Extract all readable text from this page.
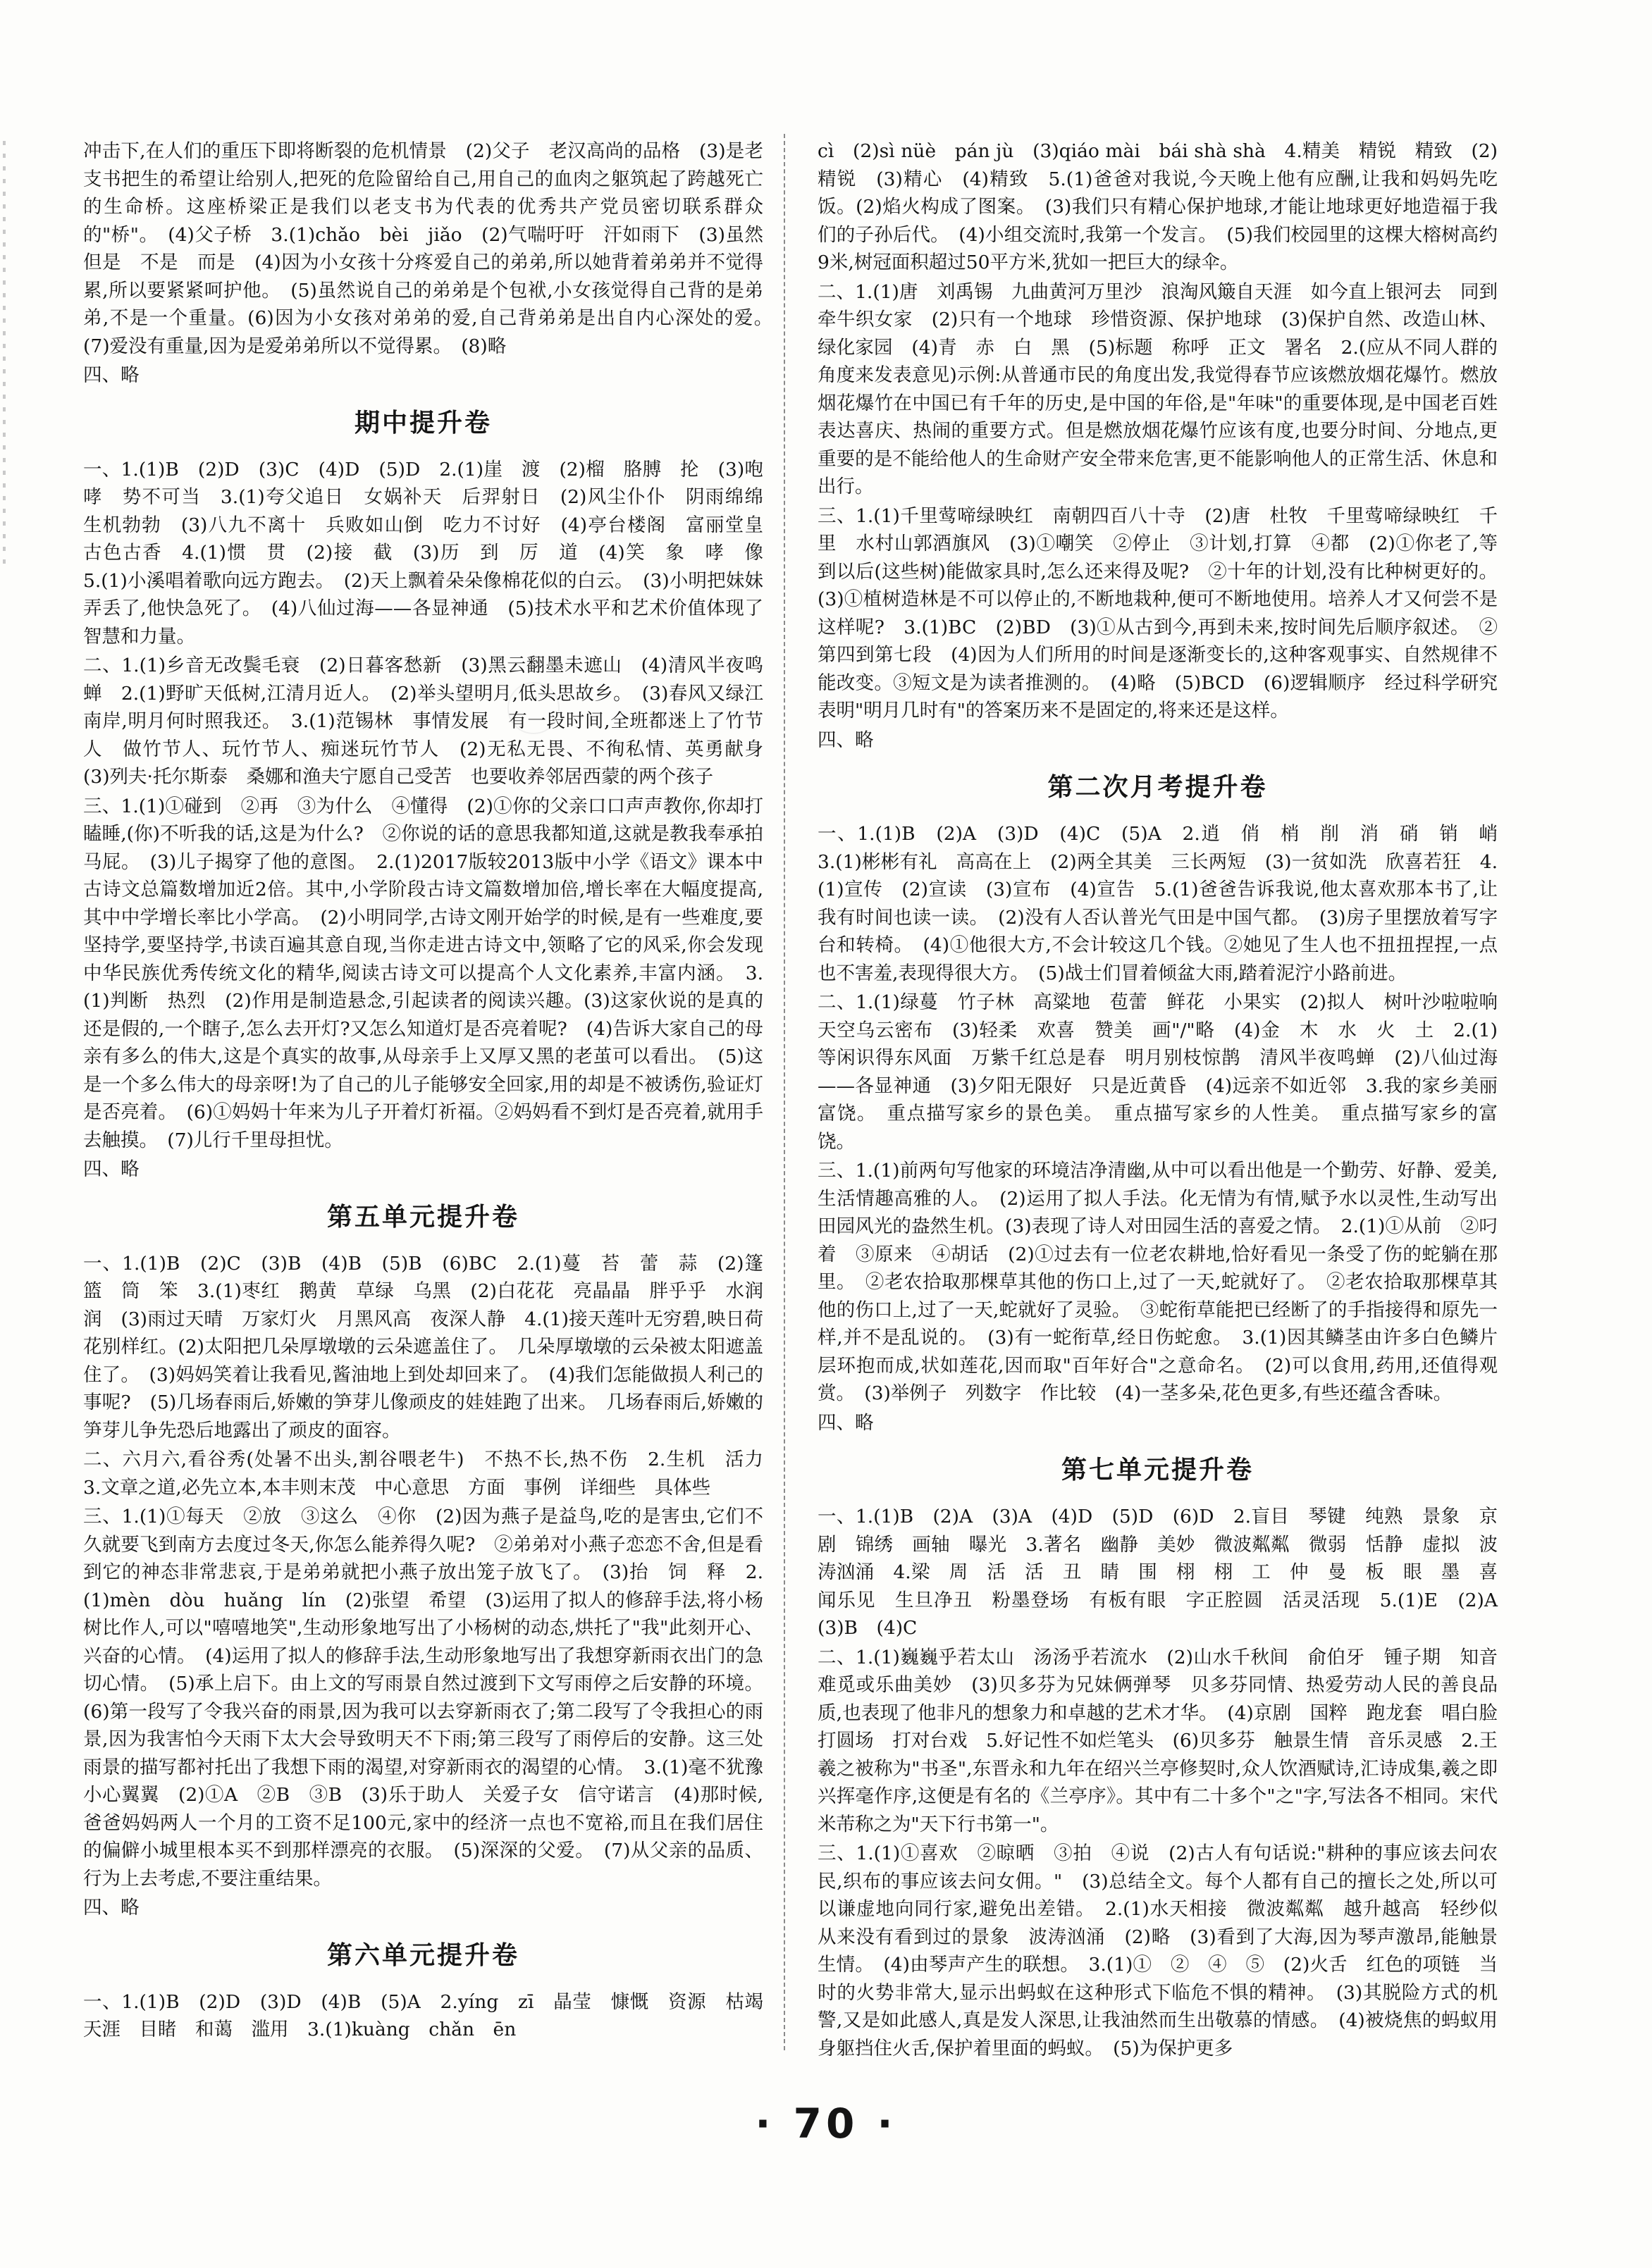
冲击下,在人们的重压下即将断裂的危机情景　(2)父子　老汉高尚的品格　(3)是老支书把生的希望让给别人,把死的危险留给自己,用自己的血肉之躯筑起了跨越死亡的生命桥。这座桥梁正是我们以老支书为代表的优秀共产党员密切联系群众的"桥"。　(4)父子桥　3.(1)chǎo　bèi　jiǎo　(2)气喘吁吁　汗如雨下　(3)虽然　但是　不是　而是　(4)因为小女孩十分疼爱自己的弟弟,所以她背着弟弟并不觉得累,所以要紧紧呵护他。　(5)虽然说自己的弟弟是个包袱,小女孩觉得自己背的是弟弟,不是一个重量。(6)因为小女孩对弟弟的爱,自己背弟弟是出自内心深处的爱。　(7)爱没有重量,因为是爱弟弟所以不觉得累。　(8)略

四、略

期中提升卷

一、1.(1)B　(2)D　(3)C　(4)D　(5)D　2.(1)崖　渡　(2)榴　胳膊　抡　(3)咆哮　势不可当　3.(1)夸父追日　女娲补天　后羿射日　(2)风尘仆仆　阴雨绵绵　生机勃勃　(3)八九不离十　兵败如山倒　吃力不讨好　(4)亭台楼阁　富丽堂皇　古色古香　4.(1)惯　贯　(2)接　截　(3)历　到　厉　道　(4)笑　象　哮　像　5.(1)小溪唱着歌向远方跑去。　(2)天上飘着朵朵像棉花似的白云。　(3)小明把妹妹弄丢了,他快急死了。　(4)八仙过海——各显神通　(5)技术水平和艺术价值体现了智慧和力量。

二、1.(1)乡音无改鬓毛衰　(2)日暮客愁新　(3)黑云翻墨未遮山　(4)清风半夜鸣蝉　2.(1)野旷天低树,江清月近人。　(2)举头望明月,低头思故乡。　(3)春风又绿江南岸,明月何时照我还。　3.(1)范锡林　事情发展　有一段时间,全班都迷上了竹节人　做竹节人、玩竹节人、痴迷玩竹节人　(2)无私无畏、不徇私情、英勇献身　(3)列夫·托尔斯泰　桑娜和渔夫宁愿自己受苦　也要收养邻居西蒙的两个孩子

三、1.(1)①碰到　②再　③为什么　④懂得　(2)①你的父亲口口声声教你,你却打瞌睡,(你)不听我的话,这是为什么?　②你说的话的意思我都知道,这就是教我奉承拍马屁。　(3)儿子揭穿了他的意图。　2.(1)2017版较2013版中小学《语文》课本中古诗文总篇数增加近2倍。其中,小学阶段古诗文篇数增加倍,增长率在大幅度提高,其中中学增长率比小学高。　(2)小明同学,古诗文刚开始学的时候,是有一些难度,要坚持学,要坚持学,书读百遍其意自现,当你走进古诗文中,领略了它的风采,你会发现中华民族优秀传统文化的精华,阅读古诗文可以提高个人文化素养,丰富内涵。　3.(1)判断　热烈　(2)作用是制造悬念,引起读者的阅读兴趣。(3)这家伙说的是真的还是假的,一个瞎子,怎么去开灯?又怎么知道灯是否亮着呢?　(4)告诉大家自己的母亲有多么的伟大,这是个真实的故事,从母亲手上又厚又黑的老茧可以看出。　(5)这是一个多么伟大的母亲呀!为了自己的儿子能够安全回家,用的却是不被诱伤,验证灯是否亮着。　(6)①妈妈十年来为儿子开着灯祈福。②妈妈看不到灯是否亮着,就用手去触摸。　(7)儿行千里母担忧。

四、略

第五单元提升卷

一、1.(1)B　(2)C　(3)B　(4)B　(5)B　(6)BC　2.(1)蔓　苔　蕾　蒜　(2)篷　篮　筒　笨　3.(1)枣红　鹅黄　草绿　乌黑　(2)白花花　亮晶晶　胖乎乎　水润润　(3)雨过天晴　万家灯火　月黑风高　夜深人静　4.(1)接天莲叶无穷碧,映日荷花别样红。(2)太阳把几朵厚墩墩的云朵遮盖住了。　几朵厚墩墩的云朵被太阳遮盖住了。　(3)妈妈笑着让我看见,酱油地上到处却回来了。　(4)我们怎能做损人利己的事呢?　(5)几场春雨后,娇嫩的笋芽儿像顽皮的娃娃跑了出来。　几场春雨后,娇嫩的笋芽儿争先恐后地露出了顽皮的面容。

二、六月六,看谷秀(处暑不出头,割谷喂老牛)　不热不长,热不伤　2.生机　活力　3.文章之道,必先立本,本丰则末茂　中心意思　方面　事例　详细些　具体些

三、1.(1)①每天　②放　③这么　④你　(2)因为燕子是益鸟,吃的是害虫,它们不久就要飞到南方去度过冬天,你怎么能养得久呢?　②弟弟对小燕子恋恋不舍,但是看到它的神态非常悲哀,于是弟弟就把小燕子放出笼子放飞了。　(3)抬　饲　释　2.(1)mèn　dòu　huǎng　lín　(2)张望　希望　(3)运用了拟人的修辞手法,将小杨树比作人,可以"嘻嘻地笑",生动形象地写出了小杨树的动态,烘托了"我"此刻开心、兴奋的心情。　(4)运用了拟人的修辞手法,生动形象地写出了我想穿新雨衣出门的急切心情。　(5)承上启下。由上文的写雨景自然过渡到下文写雨停之后安静的环境。(6)第一段写了令我兴奋的雨景,因为我可以去穿新雨衣了;第二段写了令我担心的雨景,因为我害怕今天雨下太大会导致明天不下雨;第三段写了雨停后的安静。这三处雨景的描写都衬托出了我想下雨的渴望,对穿新雨衣的渴望的心情。　3.(1)毫不犹豫　小心翼翼　(2)①A　②B　③B　(3)乐于助人　关爱子女　信守诺言　(4)那时候,爸爸妈妈两人一个月的工资不足100元,家中的经济一点也不宽裕,而且在我们居住的偏僻小城里根本买不到那样漂亮的衣服。　(5)深深的父爱。　(7)从父亲的品质、行为上去考虑,不要注重结果。

四、略

第六单元提升卷

一、1.(1)B　(2)D　(3)D　(4)B　(5)A　2.yíng　zī　晶莹　慷慨　资源　枯竭　天涯　目睹　和蔼　滥用　3.(1)kuàng　chǎn　ēn

cì　(2)sì nüè　pán jù　(3)qiáo mài　bái shà shà　4.精美　精锐　精致　(2)精锐　(3)精心　(4)精致　5.(1)爸爸对我说,今天晚上他有应酬,让我和妈妈先吃饭。(2)焰火构成了图案。　(3)我们只有精心保护地球,才能让地球更好地造福于我们的子孙后代。　(4)小组交流时,我第一个发言。　(5)我们校园里的这棵大榕树高约9米,树冠面积超过50平方米,犹如一把巨大的绿伞。

二、1.(1)唐　刘禹锡　九曲黄河万里沙　浪淘风簸自天涯　如今直上银河去　同到牵牛织女家　(2)只有一个地球　珍惜资源、保护地球　(3)保护自然、改造山林、绿化家园　(4)青　赤　白　黑　(5)标题　称呼　正文　署名　2.(应从不同人群的角度来发表意见)示例:从普通市民的角度出发,我觉得春节应该燃放烟花爆竹。燃放烟花爆竹在中国已有千年的历史,是中国的年俗,是"年味"的重要体现,是中国老百姓表达喜庆、热闹的重要方式。但是燃放烟花爆竹应该有度,也要分时间、分地点,更重要的是不能给他人的生命财产安全带来危害,更不能影响他人的正常生活、休息和出行。

三、1.(1)千里莺啼绿映红　南朝四百八十寺　(2)唐　杜牧　千里莺啼绿映红　千里　水村山郭酒旗风　(3)①嘲笑　②停止　③计划,打算　④都　(2)①你老了,等到以后(这些树)能做家具时,怎么还来得及呢?　②十年的计划,没有比种树更好的。(3)①植树造林是不可以停止的,不断地栽种,便可不断地使用。培养人才又何尝不是这样呢?　3.(1)BC　(2)BD　(3)①从古到今,再到未来,按时间先后顺序叙述。　②第四到第七段　(4)因为人们所用的时间是逐渐变长的,这种客观事实、自然规律不能改变。③短文是为读者推测的。　(4)略　(5)BCD　(6)逻辑顺序　经过科学研究表明"明月几时有"的答案历来不是固定的,将来还是这样。

四、略

第二次月考提升卷

一、1.(1)B　(2)A　(3)D　(4)C　(5)A　2.逍　俏　梢　削　消　硝　销　峭　3.(1)彬彬有礼　高高在上　(2)两全其美　三长两短　(3)一贫如洗　欣喜若狂　4.(1)宣传　(2)宣读　(3)宣布　(4)宣告　5.(1)爸爸告诉我说,他太喜欢那本书了,让我有时间也读一读。　(2)没有人否认普光气田是中国气都。　(3)房子里摆放着写字台和转椅。　(4)①他很大方,不会计较这几个钱。②她见了生人也不扭扭捏捏,一点也不害羞,表现得很大方。　(5)战士们冒着倾盆大雨,踏着泥泞小路前进。

二、1.(1)绿蔓　竹子林　高粱地　苞蕾　鲜花　小果实　(2)拟人　树叶沙啦啦响　天空乌云密布　(3)轻柔　欢喜　赞美　画"/"略　(4)金　木　水　火　土　2.(1)等闲识得东风面　万紫千红总是春　明月别枝惊鹊　清风半夜鸣蝉　(2)八仙过海——各显神通　(3)夕阳无限好　只是近黄昏　(4)远亲不如近邻　3.我的家乡美丽富饶。　重点描写家乡的景色美。　重点描写家乡的人性美。　重点描写家乡的富饶。

三、1.(1)前两句写他家的环境洁净清幽,从中可以看出他是一个勤劳、好静、爱美,生活情趣高雅的人。　(2)运用了拟人手法。化无情为有情,赋予水以灵性,生动写出田园风光的盎然生机。(3)表现了诗人对田园生活的喜爱之情。　2.(1)①从前　②叼着　③原来　④胡话　(2)①过去有一位老农耕地,恰好看见一条受了伤的蛇躺在那里。　②老农拾取那棵草其他的伤口上,过了一天,蛇就好了。　②老农拾取那棵草其他的伤口上,过了一天,蛇就好了灵验。　③蛇衔草能把已经断了的手指接得和原先一样,并不是乱说的。　(3)有一蛇衔草,经日伤蛇愈。　3.(1)因其鳞茎由许多白色鳞片层环抱而成,状如莲花,因而取"百年好合"之意命名。　(2)可以食用,药用,还值得观赏。　(3)举例子　列数字　作比较　(4)一茎多朵,花色更多,有些还蕴含香味。

四、略

第七单元提升卷

一、1.(1)B　(2)A　(3)A　(4)D　(5)D　(6)D　2.盲目　琴键　纯熟　景象　京剧　锦绣　画轴　曝光　3.著名　幽静　美妙　微波粼粼　微弱　恬静　虚拟　波涛汹涌　4.梁　周　活　活　丑　睛　围　栩　栩　工　仲　曼　板　眼　墨　喜闻乐见　生旦净丑　粉墨登场　有板有眼　字正腔圆　活灵活现　5.(1)E　(2)A　(3)B　(4)C

二、1.(1)巍巍乎若太山　汤汤乎若流水　(2)山水千秋间　俞伯牙　锺子期　知音难觅或乐曲美妙　(3)贝多芬为兄妹俩弹琴　贝多芬同情、热爱劳动人民的善良品质,也表现了他非凡的想象力和卓越的艺术才华。　(4)京剧　国粹　跑龙套　唱白脸　打圆场　打对台戏　5.好记性不如烂笔头　(6)贝多芬　触景生情　音乐灵感　2.王羲之被称为"书圣",东晋永和九年在绍兴兰亭修契时,众人饮酒赋诗,汇诗成集,羲之即兴挥毫作序,这便是有名的《兰亭序》。其中有二十多个"之"字,写法各不相同。宋代米芾称之为"天下行书第一"。

三、1.(1)①喜欢　②晾晒　③拍　④说　(2)古人有句话说:"耕种的事应该去问农民,织布的事应该去问女佣。"　(3)总结全文。每个人都有自己的擅长之处,所以可以谦虚地向同行家,避免出差错。　2.(1)水天相接　微波粼粼　越升越高　轻纱似　从来没有看到过的景象　波涛汹涌　(2)略　(3)看到了大海,因为琴声激昂,能触景生情。　(4)由琴声产生的联想。　3.(1)①　②　④　⑤　(2)火舌　红色的项链　当时的火势非常大,显示出蚂蚁在这种形式下临危不惧的精神。　(3)其脱险方式的机警,又是如此感人,真是发人深思,让我油然而生出敬慕的情感。　(4)被烧焦的蚂蚁用身躯挡住火舌,保护着里面的蚂蚁。　(5)为保护更多

· 70 ·
